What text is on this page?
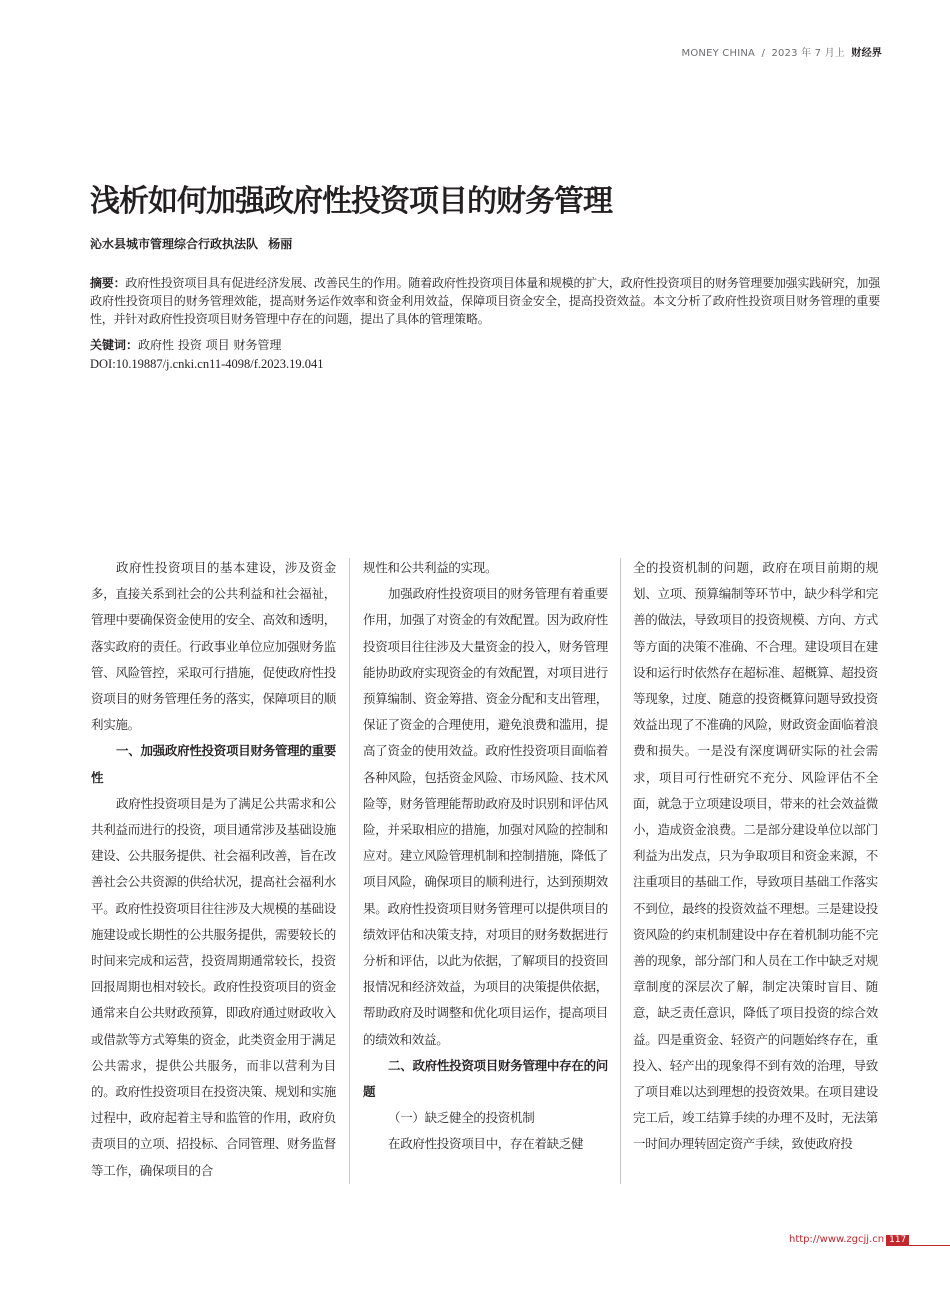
MONEY CHINA / 2023 年 7 月上 财经界
浅析如何加强政府性投资项目的财务管理
沁水县城市管理综合行政执法队 杨丽
摘要：政府性投资项目具有促进经济发展、改善民生的作用。随着政府性投资项目体量和规模的扩大，政府性投资项目的财务管理要加强实践研究，加强政府性投资项目的财务管理效能，提高财务运作效率和资金利用效益，保障项目资金安全，提高投资效益。本文分析了政府性投资项目财务管理的重要性，并针对政府性投资项目财务管理中存在的问题，提出了具体的管理策略。
关键词：政府性 投资 项目 财务管理
DOI:10.19887/j.cnki.cn11-4098/f.2023.19.041

政府性投资项目的基本建设，涉及资金多，直接关系到社会的公共利益和社会福祉，管理中要确保资金使用的安全、高效和透明，落实政府的责任。行政事业单位应加强财务监管、风险管控，采取可行措施，促使政府性投资项目的财务管理任务的落实，保障项目的顺利实施。

一、加强政府性投资项目财务管理的重要性

政府性投资项目是为了满足公共需求和公共利益而进行的投资，项目通常涉及基础设施建设、公共服务提供、社会福利改善，旨在改善社会公共资源的供给状况，提高社会福利水平。政府性投资项目往往涉及大规模的基础设施建设或长期性的公共服务提供，需要较长的时间来完成和运营，投资周期通常较长，投资回报周期也相对较长。政府性投资项目的资金通常来自公共财政预算，即政府通过财政收入或借款等方式筹集的资金，此类资金用于满足公共需求，提供公共服务，而非以营利为目的。政府性投资项目在投资决策、规划和实施过程中，政府起着主导和监管的作用，政府负责项目的立项、招投标、合同管理、财务监督等工作，确保项目的合

规性和公共利益的实现。

加强政府性投资项目的财务管理有着重要作用，加强了对资金的有效配置。因为政府性投资项目往往涉及大量资金的投入，财务管理能协助政府实现资金的有效配置，对项目进行预算编制、资金筹措、资金分配和支出管理，保证了资金的合理使用，避免浪费和滥用，提高了资金的使用效益。政府性投资项目面临着各种风险，包括资金风险、市场风险、技术风险等，财务管理能帮助政府及时识别和评估风险，并采取相应的措施，加强对风险的控制和应对。建立风险管理机制和控制措施，降低了项目风险，确保项目的顺利进行，达到预期效果。政府性投资项目财务管理可以提供项目的绩效评估和决策支持，对项目的财务数据进行分析和评估，以此为依据，了解项目的投资回报情况和经济效益，为项目的决策提供依据，帮助政府及时调整和优化项目运作，提高项目的绩效和效益。

二、政府性投资项目财务管理中存在的问题

（一）缺乏健全的投资机制

在政府性投资项目中，存在着缺乏健

全的投资机制的问题，政府在项目前期的规划、立项、预算编制等环节中，缺少科学和完善的做法，导致项目的投资规模、方向、方式等方面的决策不准确、不合理。建设项目在建设和运行时依然存在超标准、超概算、超投资等现象，过度、随意的投资概算问题导致投资效益出现了不准确的风险，财政资金面临着浪费和损失。一是没有深度调研实际的社会需求，项目可行性研究不充分、风险评估不全面，就急于立项建设项目，带来的社会效益微小，造成资金浪费。二是部分建设单位以部门利益为出发点，只为争取项目和资金来源，不注重项目的基础工作，导致项目基础工作落实不到位，最终的投资效益不理想。三是建设投资风险的约束机制建设中存在着机制功能不完善的现象，部分部门和人员在工作中缺乏对规章制度的深层次了解，制定决策时盲目、随意，缺乏责任意识，降低了项目投资的综合效益。四是重资金、轻资产的问题始终存在，重投入、轻产出的现象得不到有效的治理，导致了项目难以达到理想的投资效果。在项目建设完工后，竣工结算手续的办理不及时，无法第一时间办理转固定资产手续，致使政府投

http://www.zgcjj.cn 117
